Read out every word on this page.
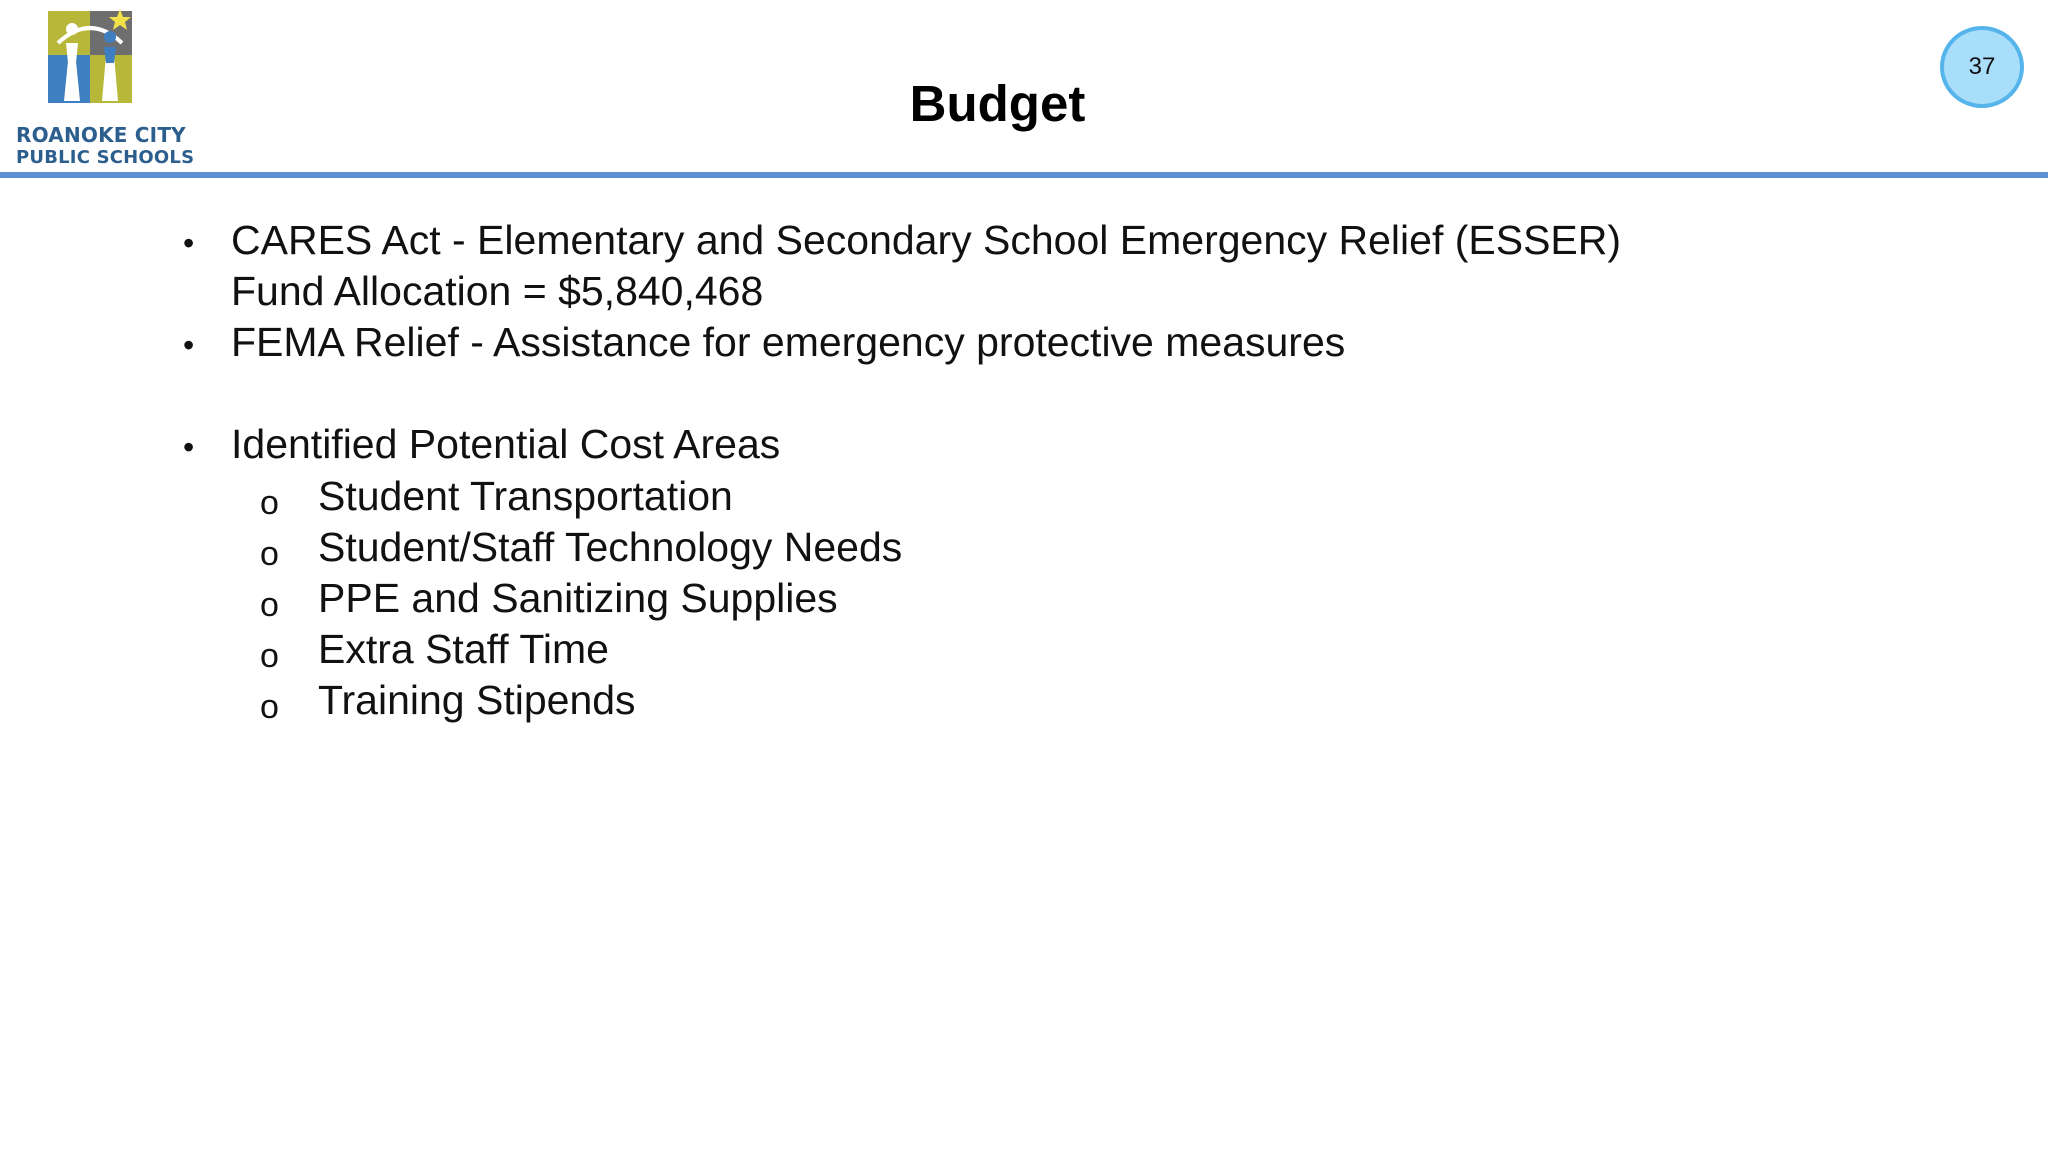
ROANOKE CITY
PUBLIC SCHOOLS
Budget
37
• CARES Act - Elementary and Secondary School Emergency Relief (ESSER)
Fund Allocation = $5,840,468
• FEMA Relief - Assistance for emergency protective measures
• Identified Potential Cost Areas
o Student Transportation
o Student/Staff Technology Needs
o PPE and Sanitizing Supplies
o Extra Staff Time
o Training Stipends
